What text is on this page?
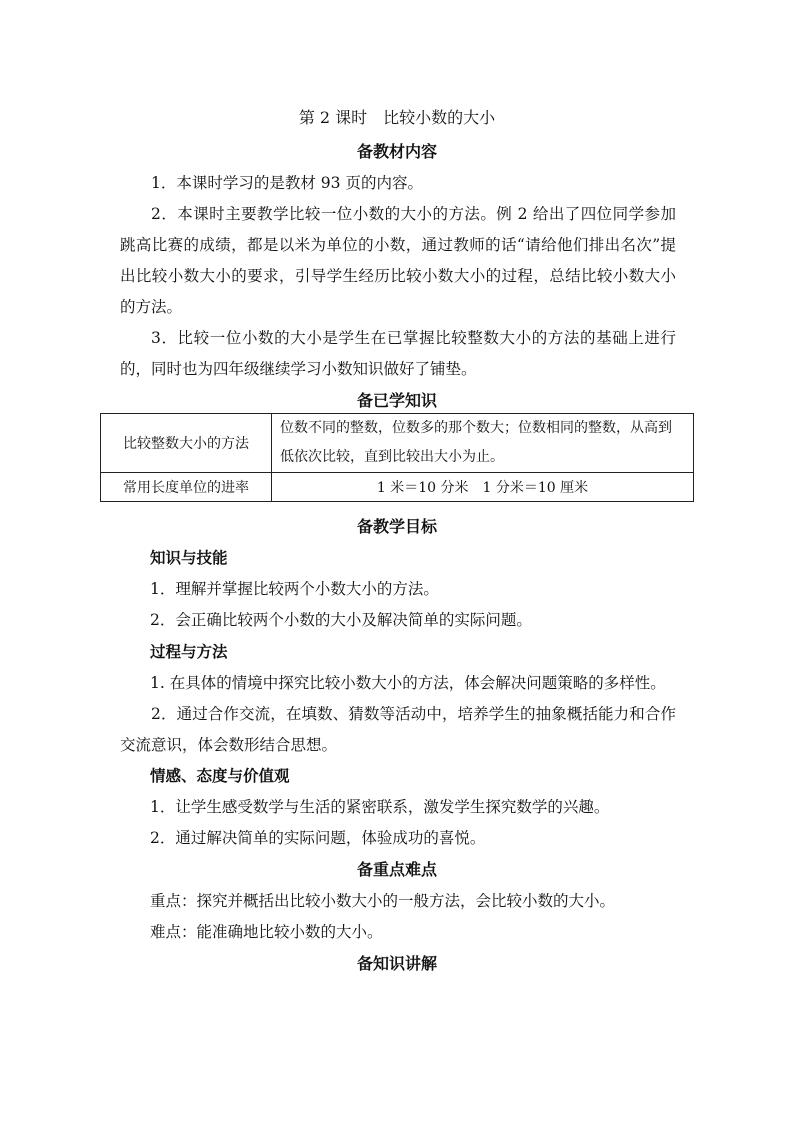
第 2 课时　比较小数的大小
备教材内容
1．本课时学习的是教材 93 页的内容。
2．本课时主要教学比较一位小数的大小的方法。例 2 给出了四位同学参加跳高比赛的成绩，都是以米为单位的小数，通过教师的话“请给他们排出名次”提出比较小数大小的要求，引导学生经历比较小数大小的过程，总结比较小数大小的方法。
3．比较一位小数的大小是学生在已掌握比较整数大小的方法的基础上进行的，同时也为四年级继续学习小数知识做好了铺垫。
备已学知识
比较整数大小的方法	位数不同的整数，位数多的那个数大；位数相同的整数，从高到低依次比较，直到比较出大小为止。
常用长度单位的进率	1 米＝10 分米　1 分米＝10 厘米
备教学目标
知识与技能
1．理解并掌握比较两个小数大小的方法。
2．会正确比较两个小数的大小及解决简单的实际问题。
过程与方法
1. 在具体的情境中探究比较小数大小的方法，体会解决问题策略的多样性。
2．通过合作交流，在填数、猜数等活动中，培养学生的抽象概括能力和合作交流意识，体会数形结合思想。
情感、态度与价值观
1．让学生感受数学与生活的紧密联系，激发学生探究数学的兴趣。
2．通过解决简单的实际问题，体验成功的喜悦。
备重点难点
重点：探究并概括出比较小数大小的一般方法，会比较小数的大小。
难点：能准确地比较小数的大小。
备知识讲解
